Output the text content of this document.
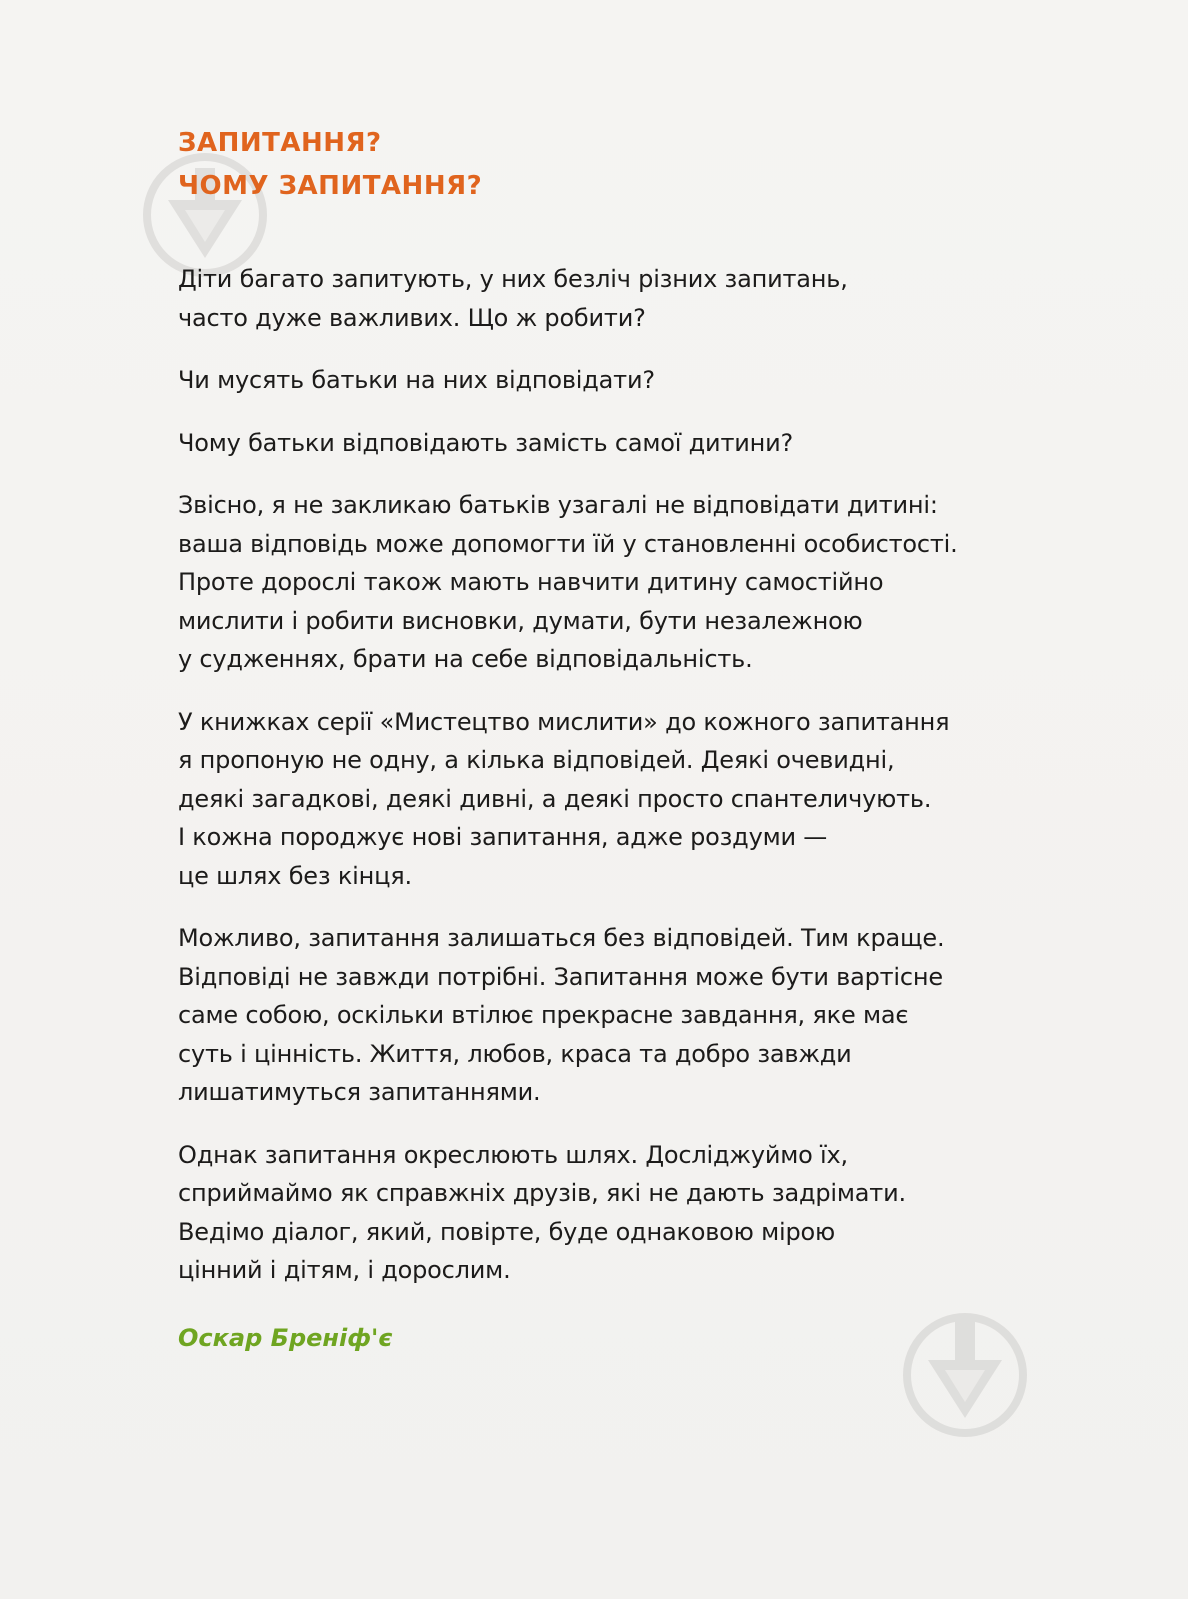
ЗАПИТАННЯ?
ЧОМУ ЗАПИТАННЯ?

Діти багато запитують, у них безліч різних запитань,
часто дуже важливих. Що ж робити?

Чи мусять батьки на них відповідати?

Чому батьки відповідають замість самої дитини?

Звісно, я не закликаю батьків узагалі не відповідати дитині:
ваша відповідь може допомогти їй у становленні особистості.
Проте дорослі також мають навчити дитину самостійно
мислити і робити висновки, думати, бути незалежною
у судженнях, брати на себе відповідальність.

У книжках серії «Мистецтво мислити» до кожного запитання
я пропоную не одну, а кілька відповідей. Деякі очевидні,
деякі загадкові, деякі дивні, а деякі просто спантеличують.
І кожна породжує нові запитання, адже роздуми —
це шлях без кінця.

Можливо, запитання залишаться без відповідей. Тим краще.
Відповіді не завжди потрібні. Запитання може бути вартісне
саме собою, оскільки втілює прекрасне завдання, яке має
суть і цінність. Життя, любов, краса та добро завжди
лишатимуться запитаннями.

Однак запитання окреслюють шлях. Досліджуймо їх,
сприймаймо як справжніх друзів, які не дають задрімати.
Ведімо діалог, який, повірте, буде однаковою мірою
цінний і дітям, і дорослим.

Оскар Бреніф'є
